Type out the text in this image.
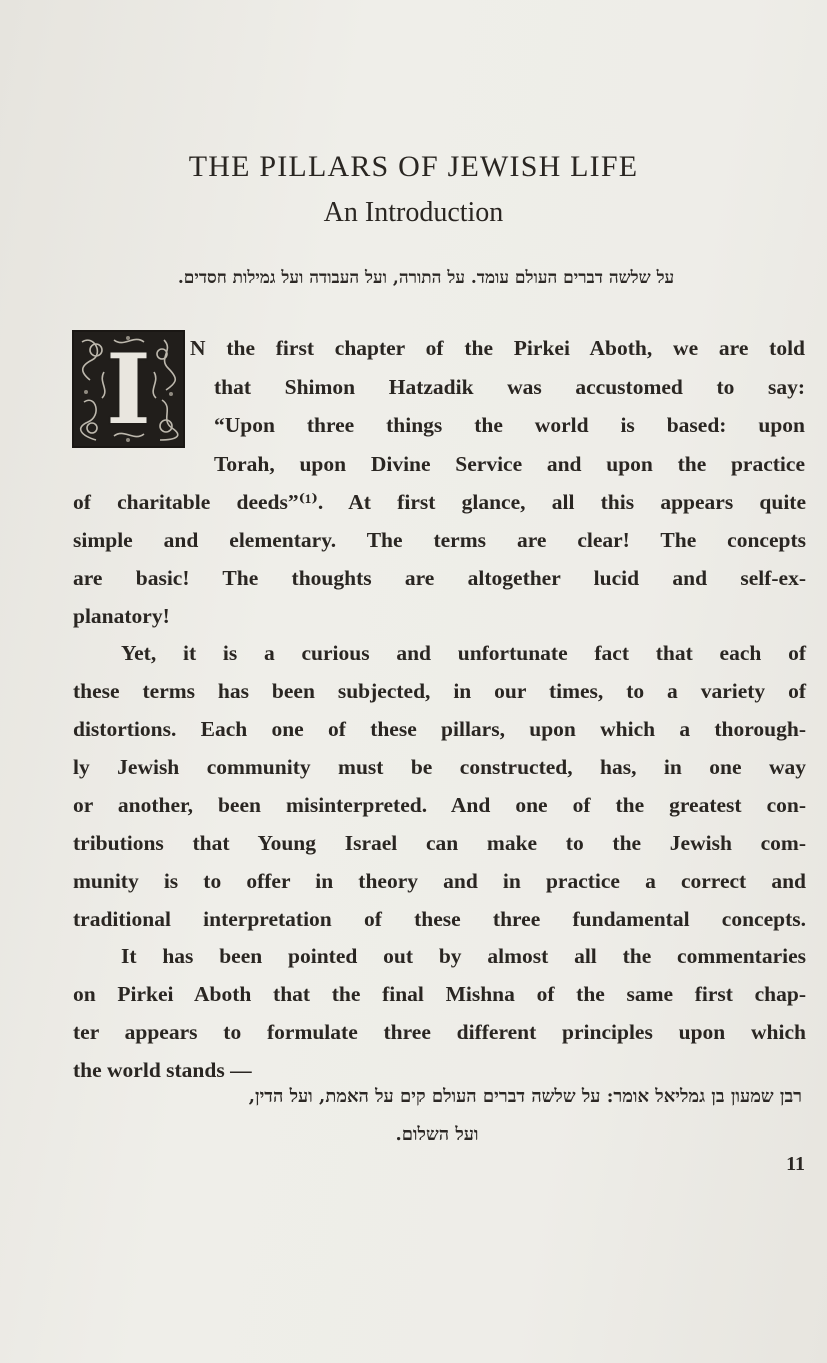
THE PILLARS OF JEWISH LIFE
An Introduction
על שלשה דברים העולם עומד. על התורה, ועל העבודה ועל גמילות חסדים.
I	N the first chapter of the Pirkei Aboth, we are told
that Shimon Hatzadik was accustomed to say:
“Upon three things the world is based: upon
Torah, upon Divine Service and upon the practice
of charitable deeds”⁽¹⁾. At first glance, all this appears quite
simple and elementary. The terms are clear! The concepts
are basic! The thoughts are altogether lucid and self-ex-
planatory!
Yet, it is a curious and unfortunate fact that each of
these terms has been subjected, in our times, to a variety of
distortions. Each one of these pillars, upon which a thorough-
ly Jewish community must be constructed, has, in one way
or another, been misinterpreted. And one of the greatest con-
tributions that Young Israel can make to the Jewish com-
munity is to offer in theory and in practice a correct and
traditional interpretation of these three fundamental concepts.
It has been pointed out by almost all the commentaries
on Pirkei Aboth that the final Mishna of the same first chap-
ter appears to formulate three different principles upon which
the world stands —
רבן שמעון בן גמליאל אומר: על שלשה דברים העולם קים על האמת, ועל הדין,
ועל השלום.
11
